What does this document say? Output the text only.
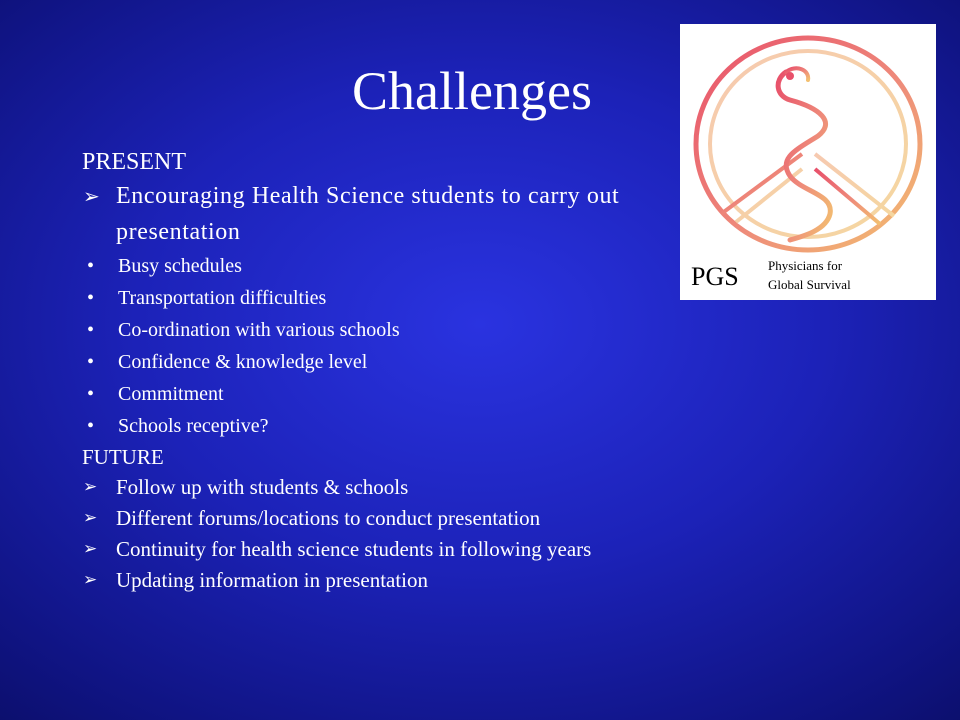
Challenges
PRESENT
➢ Encouraging Health Science students to carry out presentation
• Busy schedules
• Transportation difficulties
• Co-ordination with various schools
• Confidence & knowledge level
• Commitment
• Schools receptive?
FUTURE
➢ Follow up with students & schools
➢ Different forums/locations to conduct presentation
➢ Continuity for health science students in following years
➢ Updating information in presentation
PGS Physicians for
Global Survival
